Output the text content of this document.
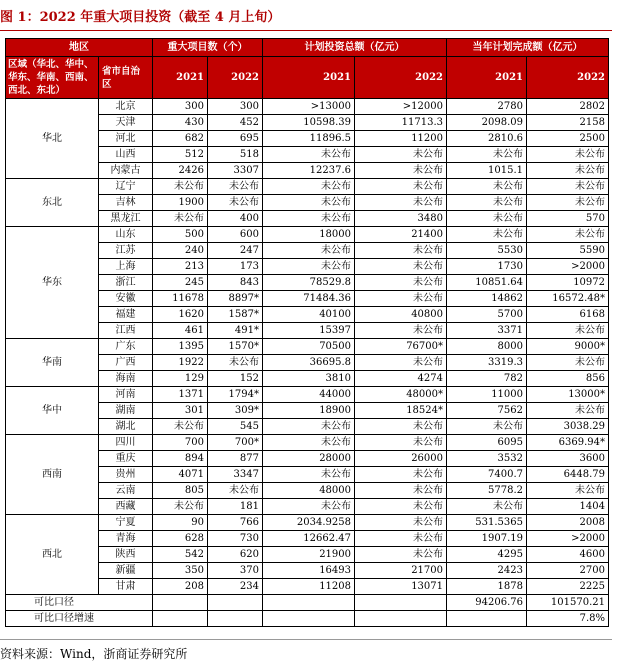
图 1：2022 年重大项目投资（截至 4 月上旬）
地区		重大项目数（个）		计划投资总额（亿元）		当年计划完成额（亿元）	
区域（华北、华中、华东、华南、西南、西北、东北）	省市自治区	2021	2022	2021	2022	2021	2022
华北	北京	300	300	>13000	>12000	2780	2802
	天津	430	452	10598.39	11713.3	2098.09	2158
	河北	682	695	11896.5	11200	2810.6	2500
	山西	512	518	未公布	未公布	未公布	未公布
	内蒙古	2426	3307	12237.6	未公布	1015.1	未公布
东北	辽宁	未公布	未公布	未公布	未公布	未公布	未公布
	吉林	1900	未公布	未公布	未公布	未公布	未公布
	黑龙江	未公布	400	未公布	3480	未公布	570
华东	山东	500	600	18000	21400	未公布	未公布
	江苏	240	247	未公布	未公布	5530	5590
	上海	213	173	未公布	未公布	1730	>2000
	浙江	245	843	78529.8	未公布	10851.64	10972
	安徽	11678	8897*	71484.36	未公布	14862	16572.48*
	福建	1620	1587*	40100	40800	5700	6168
	江西	461	491*	15397	未公布	3371	未公布
华南	广东	1395	1570*	70500	76700*	8000	9000*
	广西	1922	未公布	36695.8	未公布	3319.3	未公布
	海南	129	152	3810	4274	782	856
华中	河南	1371	1794*	44000	48000*	11000	13000*
	湖南	301	309*	18900	18524*	7562	未公布
	湖北	未公布	545	未公布	未公布	未公布	3038.29
西南	四川	700	700*	未公布	未公布	6095	6369.94*
	重庆	894	877	28000	26000	3532	3600
	贵州	4071	3347	未公布	未公布	7400.7	6448.79
	云南	805	未公布	48000	未公布	5778.2	未公布
	西藏	未公布	181	未公布	未公布	未公布	1404
西北	宁夏	90	766	2034.9258	未公布	531.5365	2008
	青海	628	730	12662.47	未公布	1907.19	>2000
	陕西	542	620	21900	未公布	4295	4600
	新疆	350	370	16493	21700	2423	2700
	甘肃	208	234	11208	13071	1878	2225
可比口径						94206.76	101570.21
可比口径增速							7.8%
资料来源：Wind，浙商证券研究所
